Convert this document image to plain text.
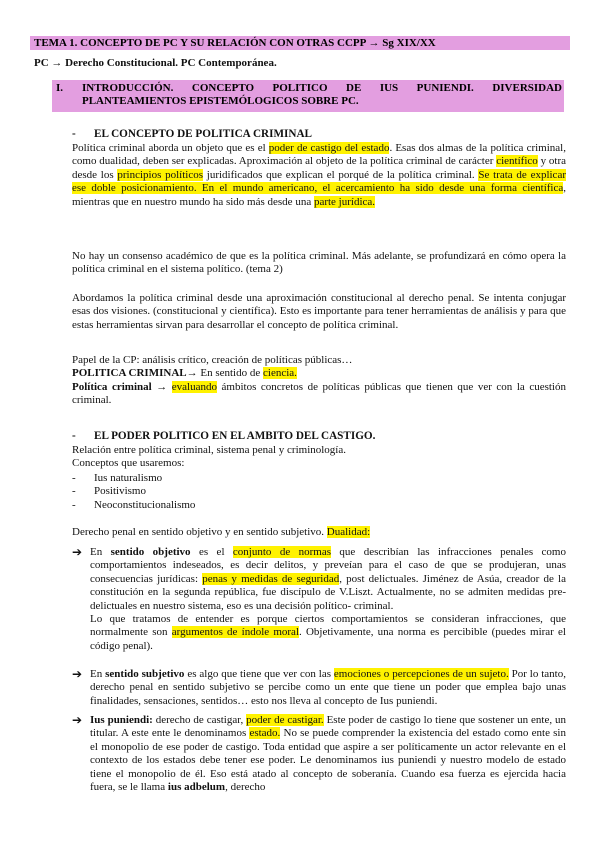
TEMA 1. CONCEPTO DE PC Y SU RELACIÓN CON OTRAS CCPP → Sg XIX/XX
PC → Derecho Constitucional. PC Contemporánea.
I. INTRODUCCIÓN. CONCEPTO POLITICO DE IUS PUNIENDI. DIVERSIDAD
PLANTEAMIENTOS EPISTEMÓLOGICOS SOBRE PC.
- EL CONCEPTO DE POLITICA CRIMINAL
Política criminal aborda un objeto que es el poder de castigo del estado. Esas dos almas de la política criminal, como dualidad, deben ser explicadas. Aproximación al objeto de la política criminal de carácter científico y otra desde los principios políticos juridificados que explican el porqué de la política criminal. Se trata de explicar ese doble posicionamiento. En el mundo americano, el acercamiento ha sido desde una forma científica, mientras que en nuestro mundo ha sido más desde una parte jurídica.
No hay un consenso académico de que es la política criminal. Más adelante, se profundizará en cómo opera la política criminal en el sistema político. (tema 2)
Abordamos la política criminal desde una aproximación constitucional al derecho penal. Se intenta conjugar esas dos visiones. (constitucional y científica). Esto es importante para tener herramientas de análisis y para que estas herramientas sirvan para desarrollar el concepto de política criminal.
Papel de la CP: análisis crítico, creación de políticas públicas…
POLITICA CRIMINAL→ En sentido de ciencia.
Política criminal → evaluando ámbitos concretos de políticas públicas que tienen que ver con la cuestión criminal.
- EL PODER POLITICO EN EL AMBITO DEL CASTIGO.
Relación entre política criminal, sistema penal y criminología.
Conceptos que usaremos:
- Ius naturalismo
- Positivismo
- Neoconstitucionalismo
Derecho penal en sentido objetivo y en sentido subjetivo. Dualidad:
➔ En sentido objetivo es el conjunto de normas que describían las infracciones penales como comportamientos indeseados, es decir delitos, y preveían para el caso de que se produjeran, unas consecuencias jurídicas: penas y medidas de seguridad, post delictuales. Jiménez de Asúa, creador de la constitución en la segunda república, fue discípulo de V.Liszt. Actualmente, no se admiten medidas pre-delictuales en nuestro sistema, eso es una decisión político- criminal.
Lo que tratamos de entender es porque ciertos comportamientos se consideran infracciones, que normalmente son argumentos de índole moral. Objetivamente, una norma es percibible (puedes mirar el código penal).
➔ En sentido subjetivo es algo que tiene que ver con las emociones o percepciones de un sujeto. Por lo tanto, derecho penal en sentido subjetivo se percibe como un ente que tiene un poder que emplea bajo unas finalidades, sensaciones, sentidos… esto nos lleva al concepto de Ius puniendi.
➔ Ius puniendi: derecho de castigar, poder de castigar. Este poder de castigo lo tiene que sostener un ente, un titular. A este ente le denominamos estado. No se puede comprender la existencia del estado como ente sin el monopolio de ese poder de castigo. Toda entidad que aspire a ser políticamente un actor relevante en el contexto de los estados debe tener ese poder. Le denominamos ius puniendi y nuestro modelo de estado tiene el monopolio de él. Eso está atado al concepto de soberanía. Cuando esa fuerza es ejercida hacia fuera, se le llama ius adbelum, derecho
